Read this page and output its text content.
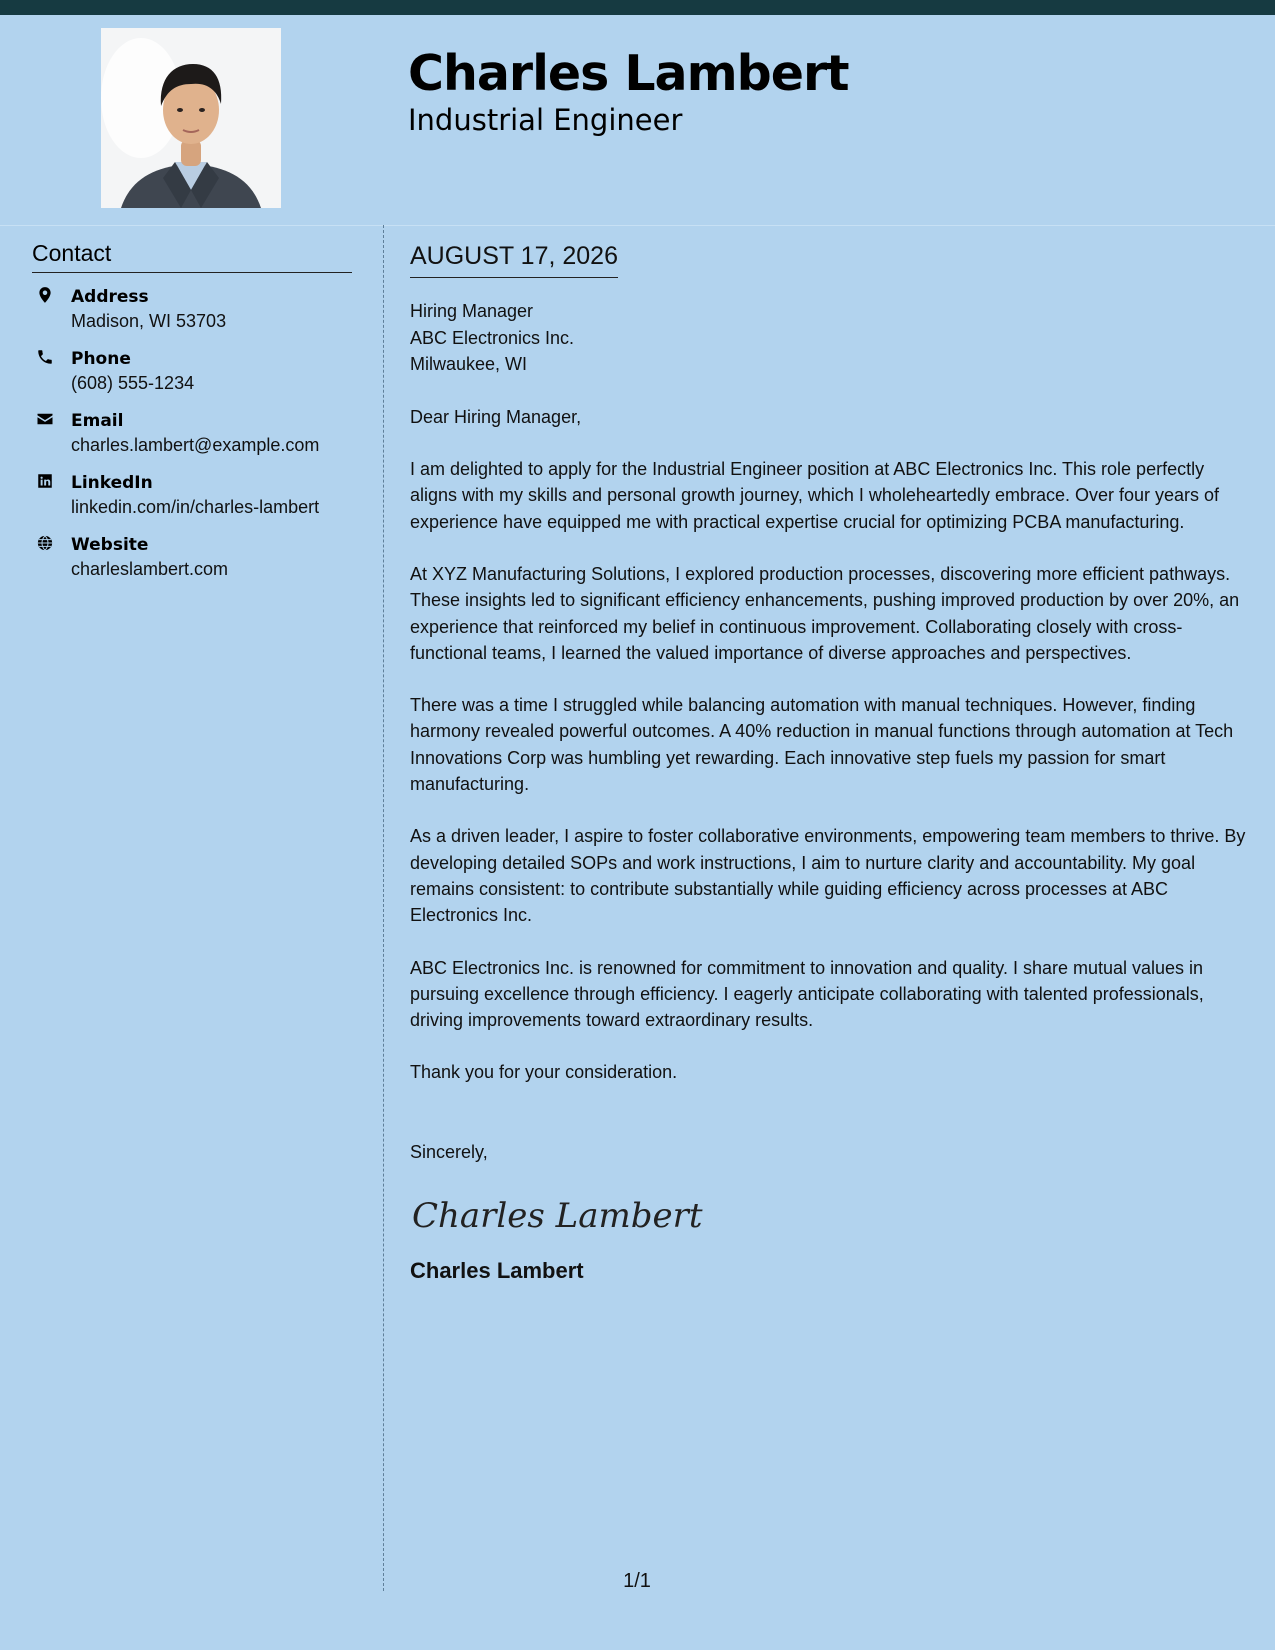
Charles Lambert
Industrial Engineer
Contact
Address
Madison, WI 53703
Phone
(608) 555-1234
Email
charles.lambert@example.com
LinkedIn
linkedin.com/in/charles-lambert
Website
charleslambert.com
AUGUST 17, 2026
Hiring Manager
ABC Electronics Inc.
Milwaukee, WI
Dear Hiring Manager,
I am delighted to apply for the Industrial Engineer position at ABC Electronics Inc. This role perfectly aligns with my skills and personal growth journey, which I wholeheartedly embrace. Over four years of experience have equipped me with practical expertise crucial for optimizing PCBA manufacturing.
At XYZ Manufacturing Solutions, I explored production processes, discovering more efficient pathways. These insights led to significant efficiency enhancements, pushing improved production by over 20%, an experience that reinforced my belief in continuous improvement. Collaborating closely with cross-functional teams, I learned the valued importance of diverse approaches and perspectives.
There was a time I struggled while balancing automation with manual techniques. However, finding harmony revealed powerful outcomes. A 40% reduction in manual functions through automation at Tech Innovations Corp was humbling yet rewarding. Each innovative step fuels my passion for smart manufacturing.
As a driven leader, I aspire to foster collaborative environments, empowering team members to thrive. By developing detailed SOPs and work instructions, I aim to nurture clarity and accountability. My goal remains consistent: to contribute substantially while guiding efficiency across processes at ABC Electronics Inc.
ABC Electronics Inc. is renowned for commitment to innovation and quality. I share mutual values in pursuing excellence through efficiency. I eagerly anticipate collaborating with talented professionals, driving improvements toward extraordinary results.
Thank you for your consideration.
Sincerely,
Charles Lambert
Charles Lambert
1/1
